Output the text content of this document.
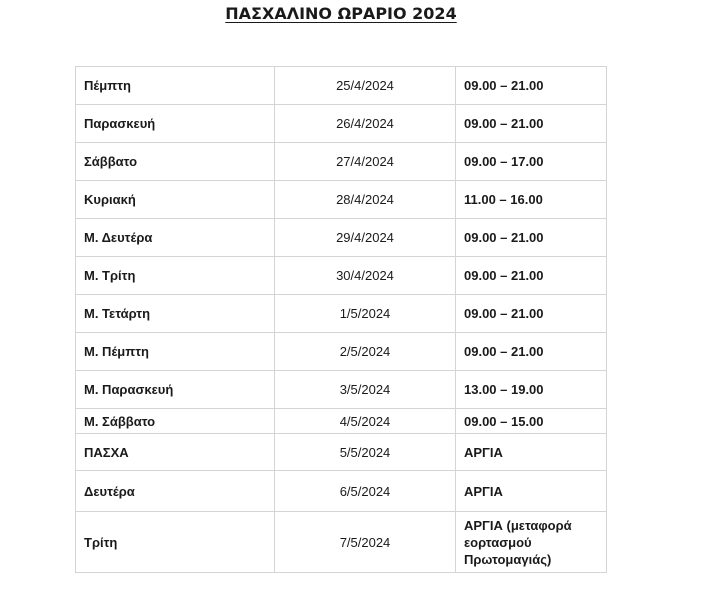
ΠΑΣΧΑΛΙΝΟ ΩΡΑΡΙΟ 2024
Πέμπτη	25/4/2024	09.00 – 21.00
Παρασκευή	26/4/2024	09.00 – 21.00
Σάββατο	27/4/2024	09.00 – 17.00
Κυριακή	28/4/2024	11.00 – 16.00
Μ. Δευτέρα	29/4/2024	09.00 – 21.00
Μ. Τρίτη	30/4/2024	09.00 – 21.00
Μ. Τετάρτη	1/5/2024	09.00 – 21.00
Μ. Πέμπτη	2/5/2024	09.00 – 21.00
Μ. Παρασκευή	3/5/2024	13.00 – 19.00
Μ. Σάββατο	4/5/2024	09.00 – 15.00
ΠΑΣΧΑ	5/5/2024	ΑΡΓΙΑ
Δευτέρα	6/5/2024	ΑΡΓΙΑ
Τρίτη	7/5/2024	ΑΡΓΙΑ (μεταφορά εορτασμού Πρωτομαγιάς)
